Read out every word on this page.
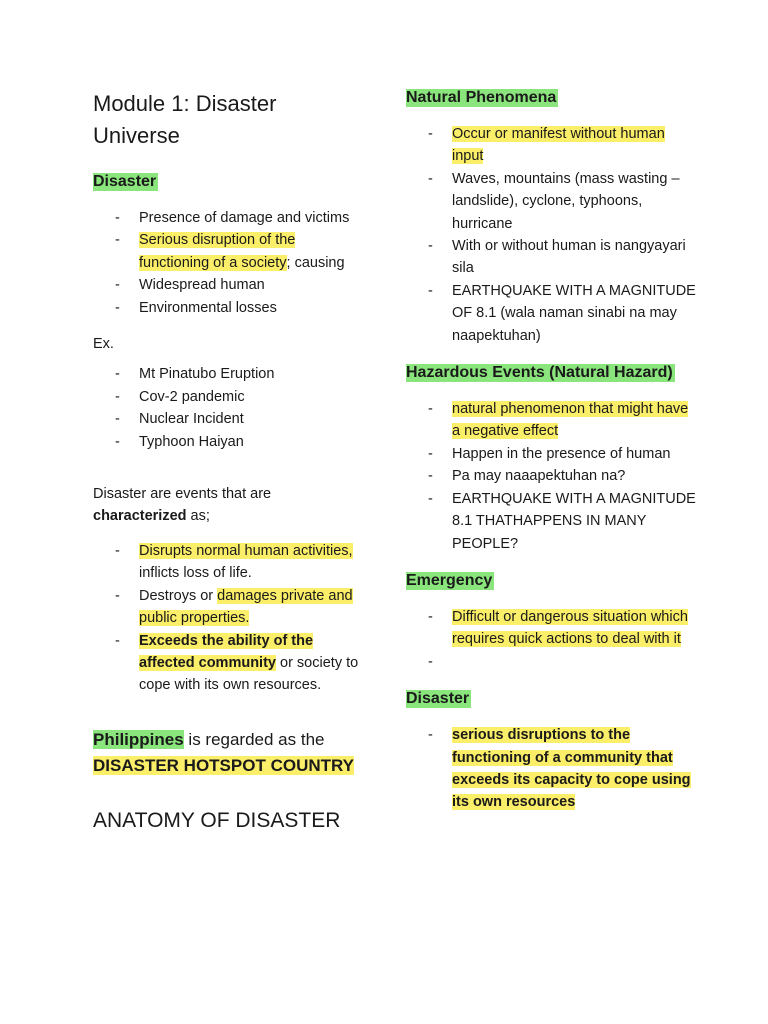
Module 1: Disaster
Universe
Disaster
- Presence of damage and victims
- Serious disruption of the functioning of a society; causing
- Widespread human
- Environmental losses

Ex.

- Mt Pinatubo Eruption
- Cov-2 pandemic
- Nuclear Incident
- Typhoon Haiyan

Disaster are events that are
characterized as;

- Disrupts normal human activities, inflicts loss of life.
- Destroys or damages private and public properties.
- Exceeds the ability of the affected community or society to cope with its own resources.
Philippines is regarded as the
DISASTER HOTSPOT COUNTRY
ANATOMY OF DISASTER
Natural Phenomena
- Occur or manifest without human input
- Waves, mountains (mass wasting – landslide), cyclone, typhoons, hurricane
- With or without human is nangyayari sila
- EARTHQUAKE WITH A MAGNITUDE OF 8.1 (wala naman sinabi na may naapektuhan)
Hazardous Events (Natural Hazard)
- natural phenomenon that might have a negative effect
- Happen in the presence of human
- Pa may naaapektuhan na?
- EARTHQUAKE WITH A MAGNITUDE 8.1 THATHAPPENS IN MANY PEOPLE?
Emergency
- Difficult or dangerous situation which requires quick actions to deal with it
-
Disaster
- serious disruptions to the functioning of a community that exceeds its capacity to cope using its own resources
